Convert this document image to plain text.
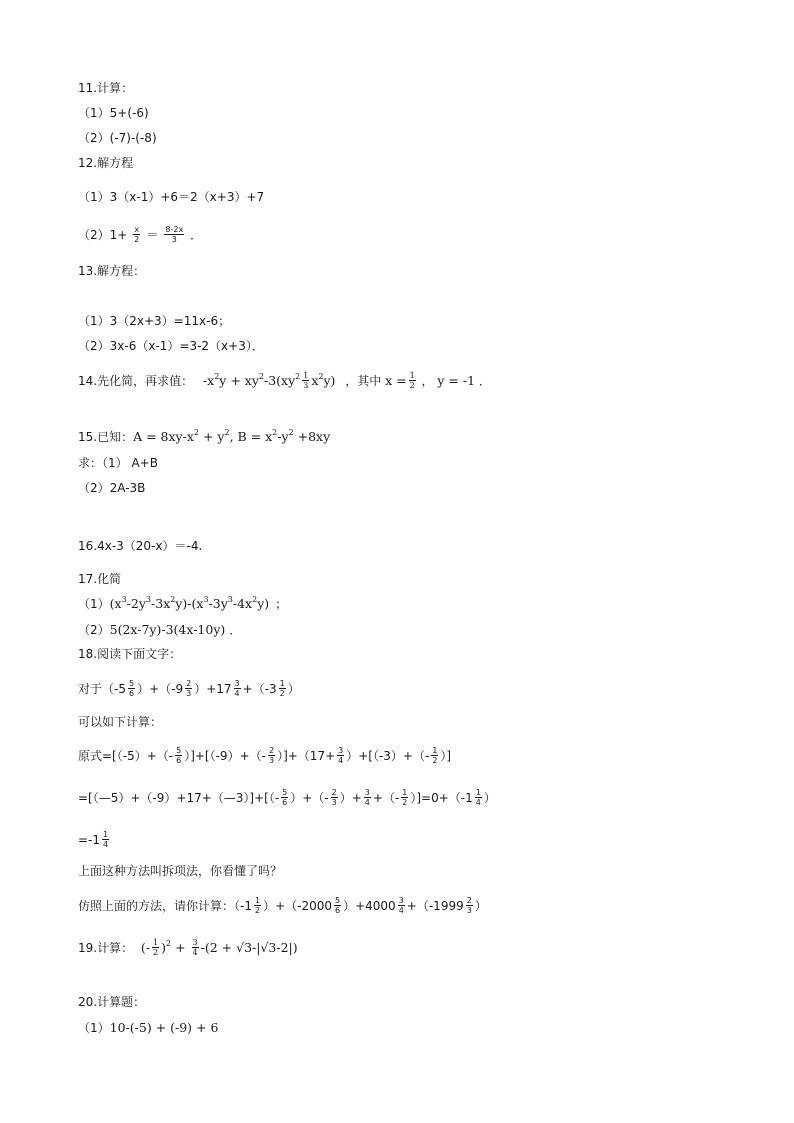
11.计算：
（1）5+(-6)
（2）(-7)-(-8)
12.解方程
（1）3（x-1）+6＝2（x+3）+7
$(2)1+ \frac{x}{2} = \frac{8-2x}{3}$ ．
13.解方程：
（1）3（2x+3）=11x-6；
（2）3x-6（x-1）=3-2（x+3）．
14.先化简，再求值： $-x^2y + xy^2-3(xy^2 \frac{1}{3} x^2y)$ ，其中 $x = \frac{1}{2}$ ， y = -1 ．
15.已知：$A = 8xy-x^2 + y^2$, $B = x^2-y^2 +8xy$
求：（1） A+B
（2）2A-3B
16.4x-3（20-x）＝-4.
17.化简
$(1)(x^3-2y^3-3x^2y)-(x^3-3y^3-4x^2y)$ ；
（2）5(2x-7y)-3(4x-10y) ．
18.阅读下面文字：
对于$(-5 \frac{5}{6} )+(-9 \frac{2}{3} )+17 \frac{3}{4} +(-3 \frac{1}{2}$ ）
可以如下计算：
原式$=[(-5)+(- \frac{5}{6} )]+[(-9)+(- \frac{2}{3} )]+(17+ \frac{3}{4} )+[(-3)+(- \frac{1}{2}$ ）]
=[（—5）+（-9）+17+（—3）]+[（- $\frac{5}{6}$ ）+（- $\frac{2}{3}$ ）+ $\frac{3}{4}$ +（- $\frac{1}{2} )]=0+(-1 \frac{1}{4}$ ）
$=-1 \frac{1}{4}$
上面这种方法叫拆项法，你看懂了吗？
仿照上面的方法，请你计算：$(-1 \frac{1}{2} )+(-2000 \frac{5}{6} )+4000 \frac{3}{4} +(-1999 \frac{2}{3}$ ）
19.计算： (- $\frac{1}{2} )^2 + \frac{3}{4} -(2 + √3-|√3-2|)$
20.计算题：
（1）10-(-5) + (-9) + 6
